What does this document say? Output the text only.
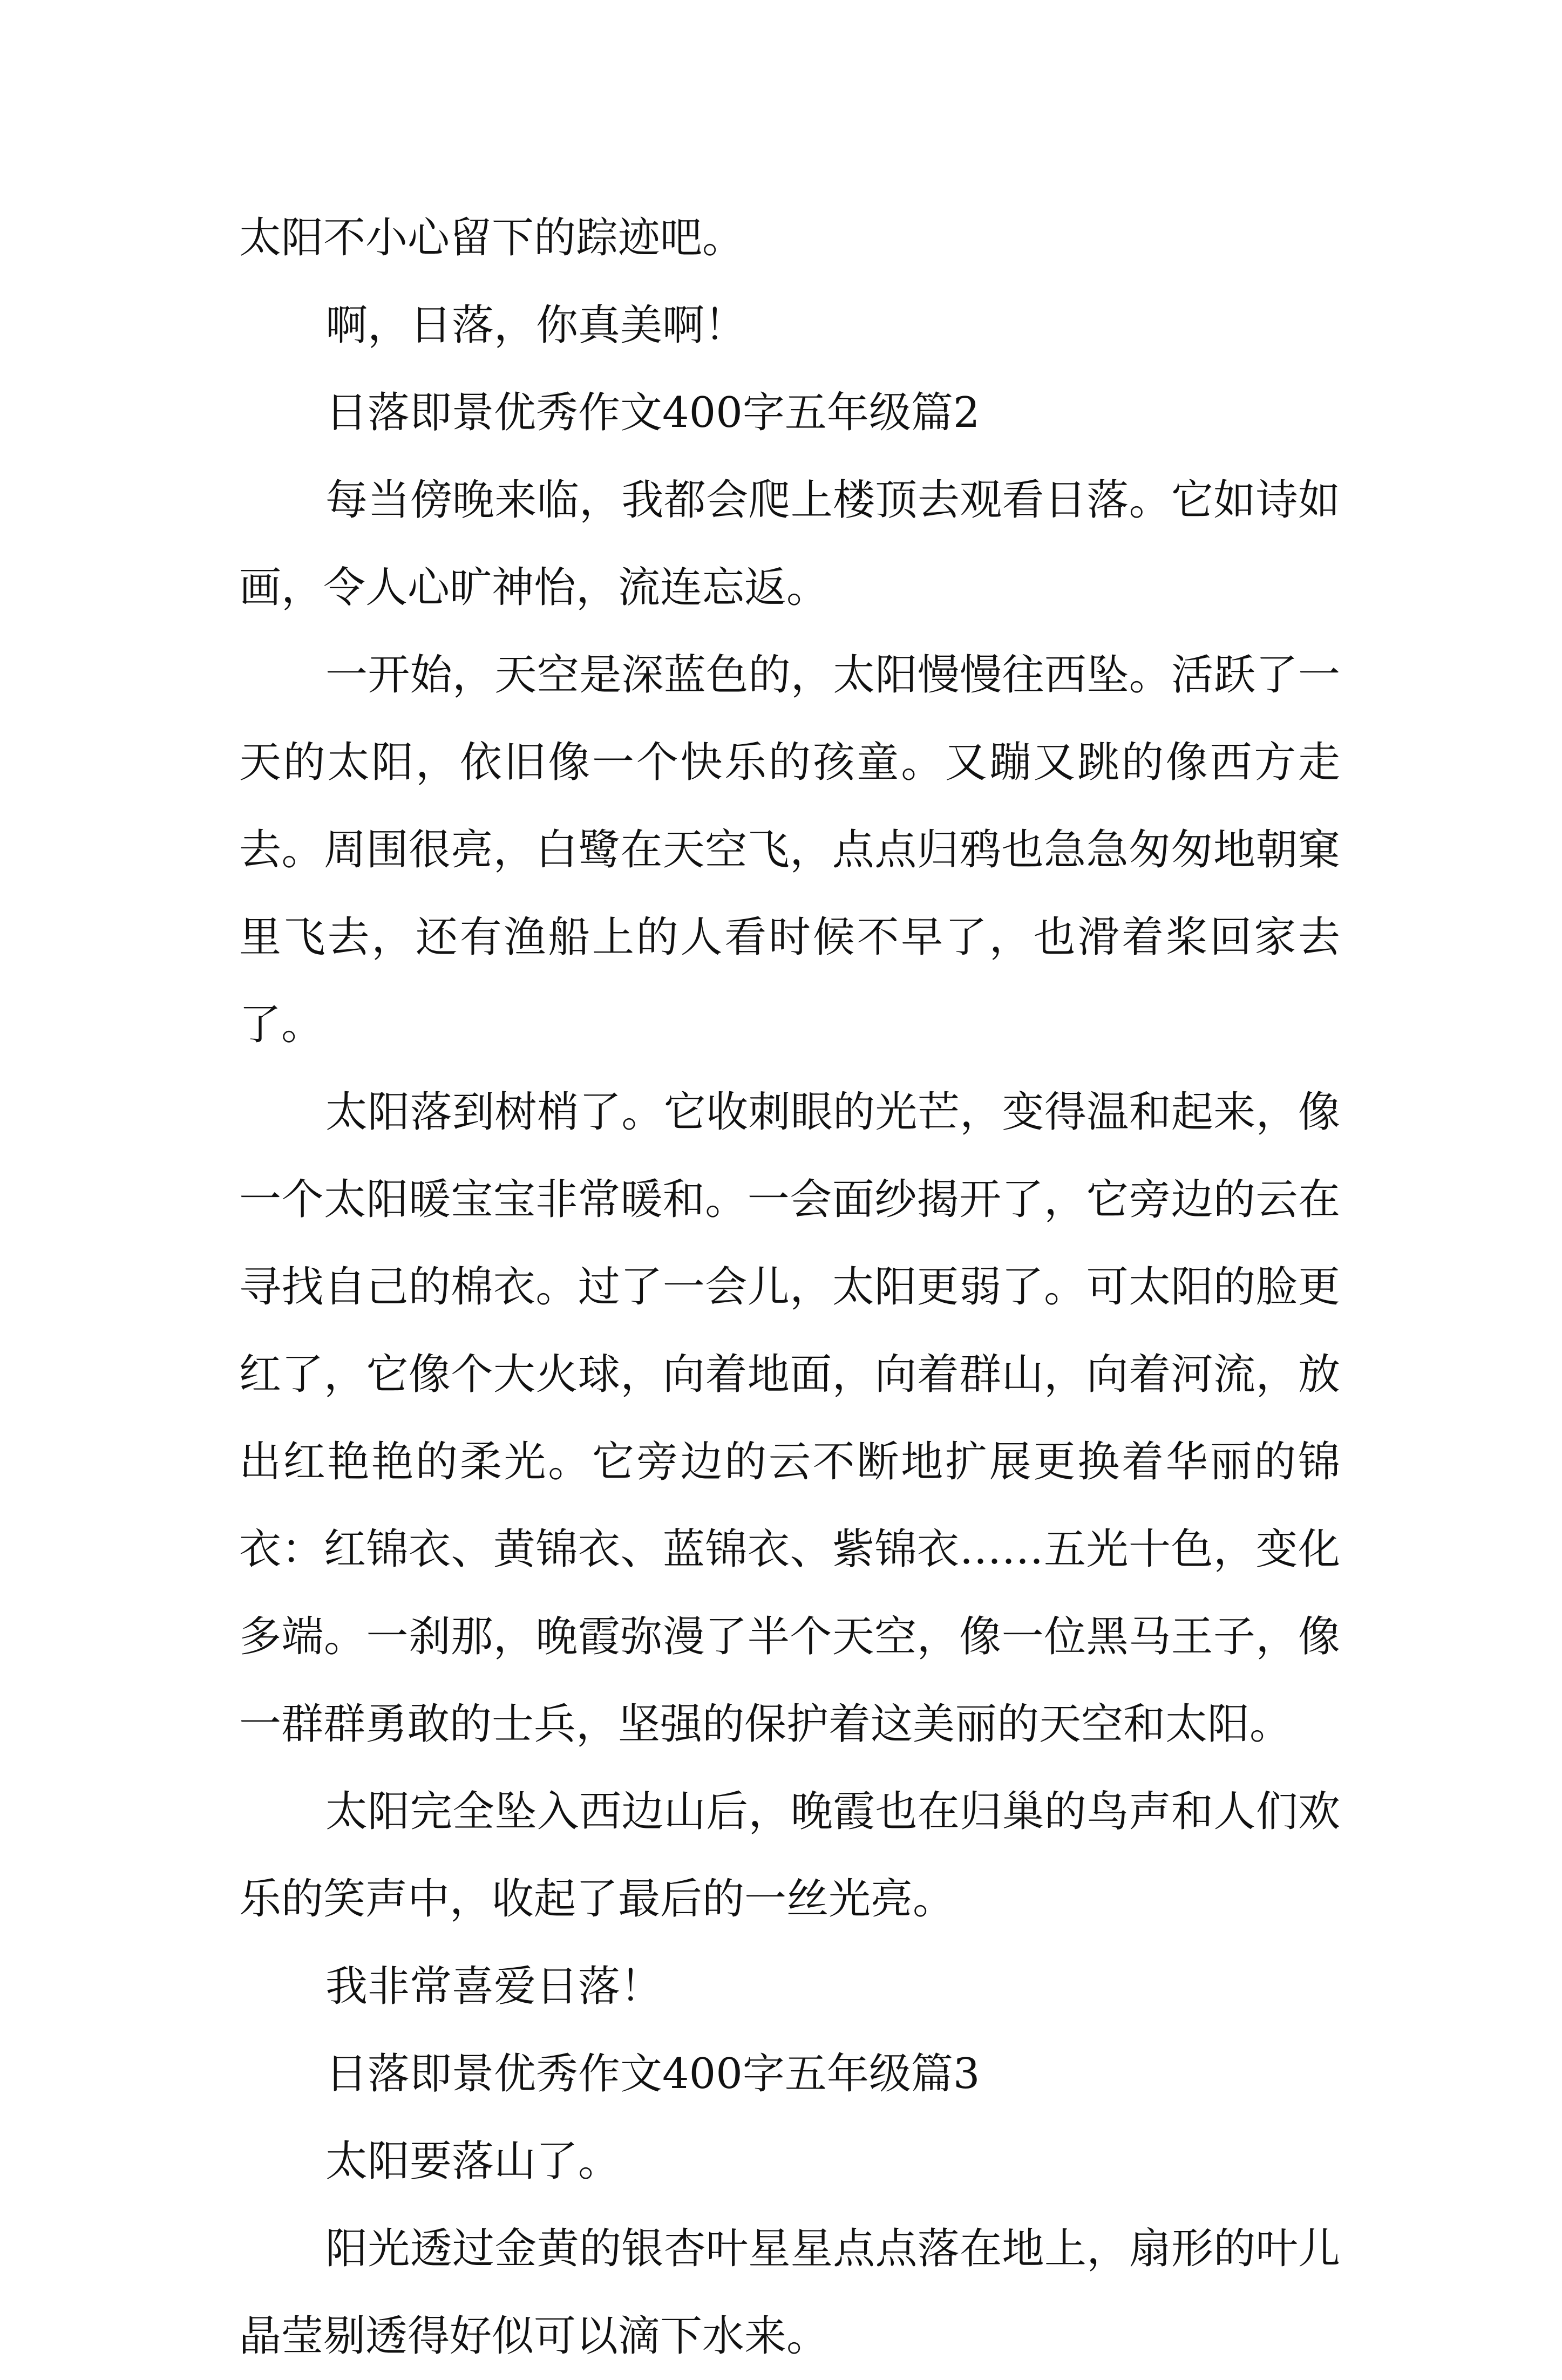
太阳不小心留下的踪迹吧。

啊，日落，你真美啊！

日落即景优秀作文400字五年级篇2

每当傍晚来临，我都会爬上楼顶去观看日落。它如诗如画，令人心旷神怡，流连忘返。

一开始，天空是深蓝色的，太阳慢慢往西坠。活跃了一天的太阳，依旧像一个快乐的孩童。又蹦又跳的像西方走去。周围很亮，白鹭在天空飞，点点归鸦也急急匆匆地朝窠里飞去，还有渔船上的人看时候不早了，也滑着桨回家去了。

太阳落到树梢了。它收刺眼的光芒，变得温和起来，像一个太阳暖宝宝非常暖和。一会面纱揭开了，它旁边的云在寻找自己的棉衣。过了一会儿，太阳更弱了。可太阳的脸更红了，它像个大火球，向着地面，向着群山，向着河流，放出红艳艳的柔光。它旁边的云不断地扩展更换着华丽的锦衣：红锦衣、黄锦衣、蓝锦衣、紫锦衣……五光十色，变化多端。一刹那，晚霞弥漫了半个天空，像一位黑马王子，像一群群勇敢的士兵，坚强的保护着这美丽的天空和太阳。

太阳完全坠入西边山后，晚霞也在归巢的鸟声和人们欢乐的笑声中，收起了最后的一丝光亮。

我非常喜爱日落！

日落即景优秀作文400字五年级篇3

太阳要落山了。

阳光透过金黄的银杏叶星星点点落在地上，扇形的叶儿晶莹剔透得好似可以滴下水来。
